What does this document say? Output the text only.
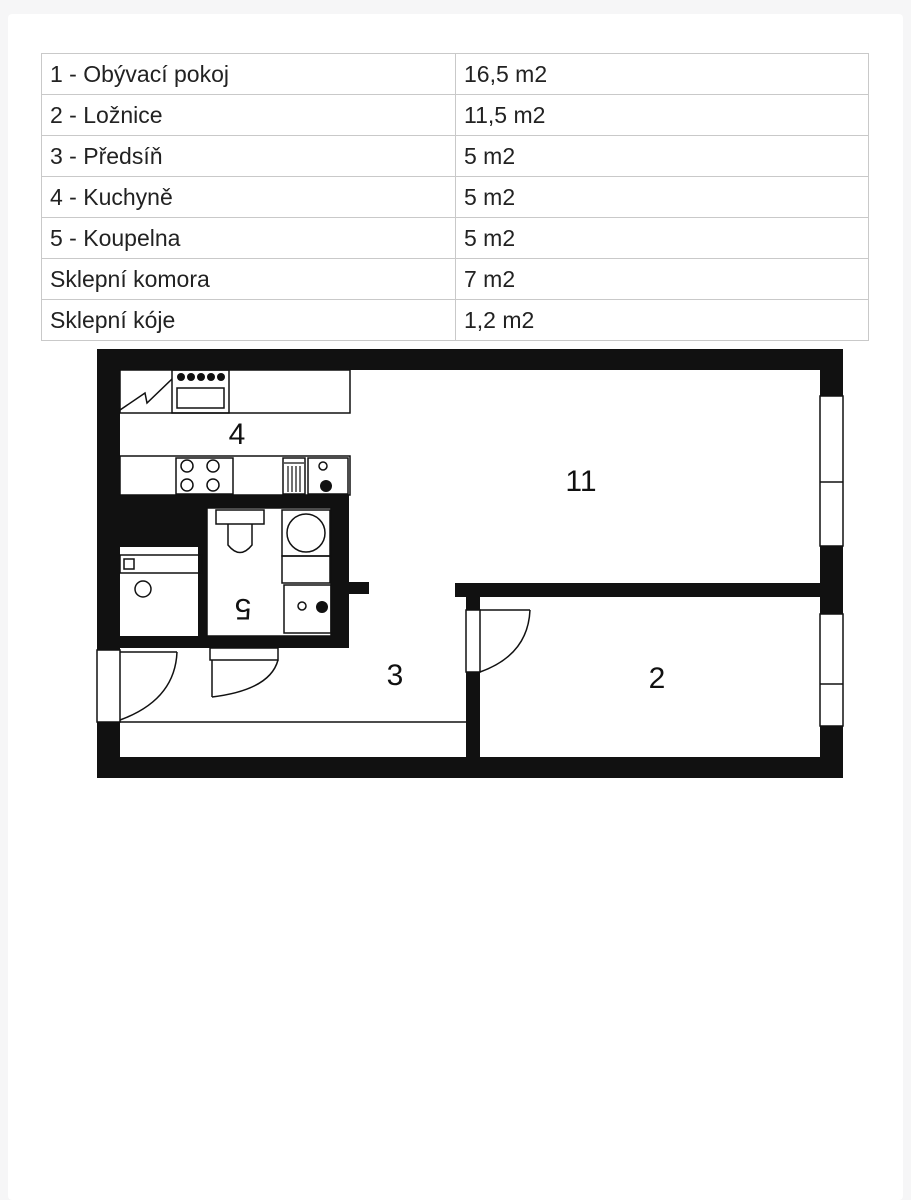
1 - Obývací pokoj	16,5 m2
2 - Ložnice	11,5 m2
3 - Předsíň	5 m2
4 - Kuchyně	5 m2
5 - Koupelna	5 m2
Sklepní komora	7 m2
Sklepní kóje	1,2 m2
4
11
3	2
5
